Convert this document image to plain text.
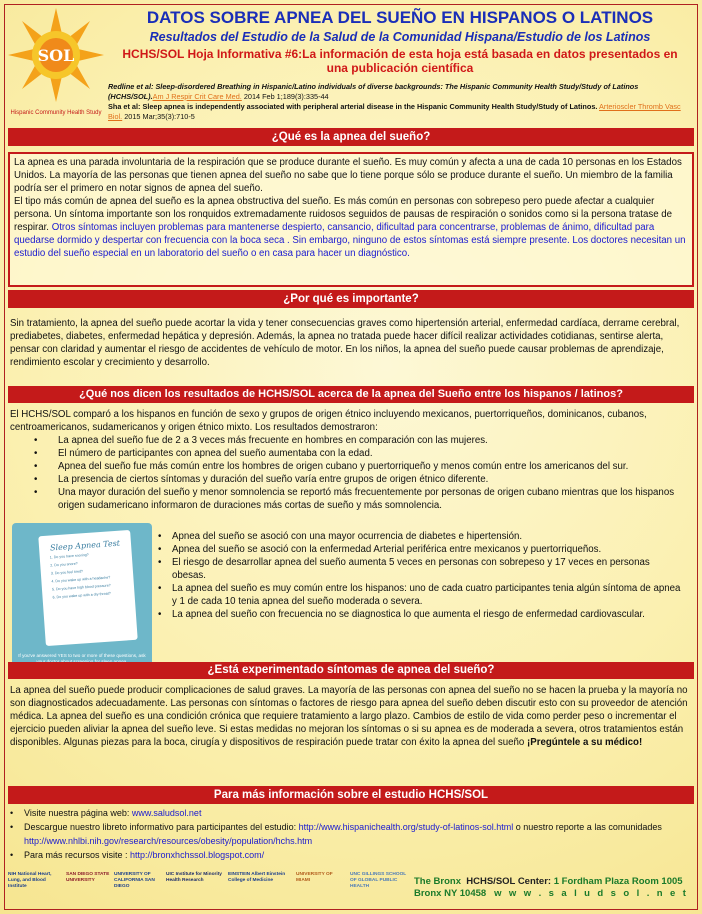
SOL
Hispanic Community Health Study
DATOS SOBRE APNEA DEL SUEÑO EN HISPANOS O LATINOS
Resultados del Estudio de la Salud de la Comunidad Hispana/Estudio de los Latinos
HCHS/SOL Hoja Informativa #6:La información de esta hoja está basada en datos presentados en
una publicación científica
Redline et al: Sleep-disordered Breathing in Hispanic/Latino individuals of diverse backgrounds: The Hispanic Community Health Study/Study of Latinos (HCHS/SOL).Am J Respir Crit Care Med. 2014 Feb 1;189(3):335-44
Sha et al: Sleep apnea is independently associated with peripheral arterial disease in the Hispanic Community Health Study/Study of Latinos. Arterioscler Thromb Vasc Biol. 2015 Mar;35(3):710-5
¿Qué es la apnea del sueño?
La apnea es una parada involuntaria de la respiración que se produce durante el sueño. Es muy común y afecta a una de cada 10 personas en los Estados Unidos. La mayoría de las personas que tienen apnea del sueño no sabe que lo tiene porque sólo se produce durante el sueño. Un miembro de la familia podría ser el primero en notar signos de apnea del sueño.
El tipo más común de apnea del sueño es la apnea obstructiva del sueño. Es más común en personas con sobrepeso pero puede afectar a cualquier persona. Un síntoma importante son los ronquidos extremadamente ruidosos seguidos de pausas de respiración o sonidos como si la persona tratase de respirar. Otros síntomas incluyen problemas para mantenerse despierto, cansancio, dificultad para concentrarse, problemas de ánimo, dificultad para quedarse dormido y despertar con frecuencia con la boca seca . Sin embargo, ninguno de estos síntomas está siempre presente. Los doctores necesitan un estudio del sueño especial en un laboratorio del sueño o en casa para hacer un diagnóstico.
¿Por qué es importante?
Sin tratamiento, la apnea del sueño puede acortar la vida y tener consecuencias graves como hipertensión arterial, enfermedad cardíaca, derrame cerebral, prediabetes, diabetes, enfermedad hepática y depresión. Además, la apnea no tratada puede hacer difícil realizar actividades cotidianas, sentirse alerta, pensar con claridad y aumentar el riesgo de accidentes de vehículo de motor. En los niños, la apnea del sueño puede causar problemas de aprendizaje, rendimiento escolar y crecimiento y desarrollo.
¿Qué nos dicen los resultados de HCHS/SOL acerca de la apnea del Sueño entre los hispanos / latinos?
El HCHS/SOL comparó a los hispanos en función de sexo y grupos de origen étnico incluyendo mexicanos, puertorriqueños, dominicanos, cubanos, centroamericanos, sudamericanos y origen étnico mixto. Los resultados demostraron:
• La apnea del sueño fue de 2 a 3 veces más frecuente en hombres en comparación con las mujeres.
• El número de participantes con apnea del sueño aumentaba con la edad.
• Apnea del sueño fue más común entre los hombres de origen cubano y puertorriqueño y menos común entre los americanos del sur.
• La presencia de ciertos síntomas y duración del sueño varía entre grupos de origen étnico diferente.
• Una mayor duración del sueño y menor somnolencia se reportó más frecuentemente por personas de origen cubano mientras que los hispanos origen sudamericano informaron de duraciones más cortas de sueño y más somnolencia.
• Apnea del sueño se asoció con una mayor ocurrencia de diabetes e hipertensión.
• Apnea del sueño se asoció con la enfermedad Arterial periférica entre mexicanos y puertorriqueños.
• El riesgo de desarrollar apnea del sueño aumenta 5 veces en personas con sobrepeso y 17 veces en personas obesas.
• La apnea del sueño es muy común entre los hispanos: uno de cada cuatro participantes tenia algún síntoma de apnea y 1 de cada 10 tenia apnea del sueño moderada o severa.
• La apnea del sueño con frecuencia no se diagnostica lo que aumenta el riesgo de enfermedad cardiovascular.
Sleep Apnea Test
1. Do you have snoring?
2. Do you snore?
3. Do you feel tired?
4. Do you wake up with a headache?
5. Do you have high blood pressure?
6. Do you wake up with a dry throat?
If you've answered YES to two or more of these questions, ask
¿Está experimentado síntomas de apnea del sueño?
La apnea del sueño puede producir complicaciones de salud graves. La mayoría de las personas con apnea del sueño no se hacen la prueba y la mayoría no son diagnosticados adecuadamente. Las personas con síntomas o factores de riesgo para apnea del sueño deben discutir esto con su proveedor de atención médica. La apnea del sueño es una condición crónica que requiere tratamiento a largo plazo. Cambios de estilo de vida como perder peso o incrementar el ejercicio pueden aliviar la apnea del sueño leve. Si estas medidas no mejoran los síntomas o si su apnea es de moderada a severa, otros tratamientos están disponibles. Algunas piezas para la boca, cirugía y dispositivos de respiración puede tratar con éxito la apnea del sueño ¡Pregúntele a su médico!
Para más información sobre el estudio HCHS/SOL
• Visite nuestra página web: www.saludsol.net
• Descargue nuestro libreto informativo para participantes del estudio: http://www.hispanichealth.org/study-of-latinos-sol.html o nuestro reporte a las comunidades http://www.nhlbi.nih.gov/research/resources/obesity/population/hchs.htm
• Para más recursos visite : http://bronxhchssol.blogspot.com/
NIH National Heart, Lung, and Blood Institute
SAN DIEGO STATE UNIVERSITY
UNIVERSITY OF CALIFORNIA SAN DIEGO
UIC Institute for Minority Health Research
EINSTEIN Albert Einstein College of Medicine
UNIVERSITY OF MIAMI
UNC GILLINGS SCHOOL OF GLOBAL PUBLIC HEALTH	The Bronx HCHS/SOL Center: 1 Fordham Plaza Room 1005
Bronx NY 10458 w w w . s a l u d s o l . n e t
